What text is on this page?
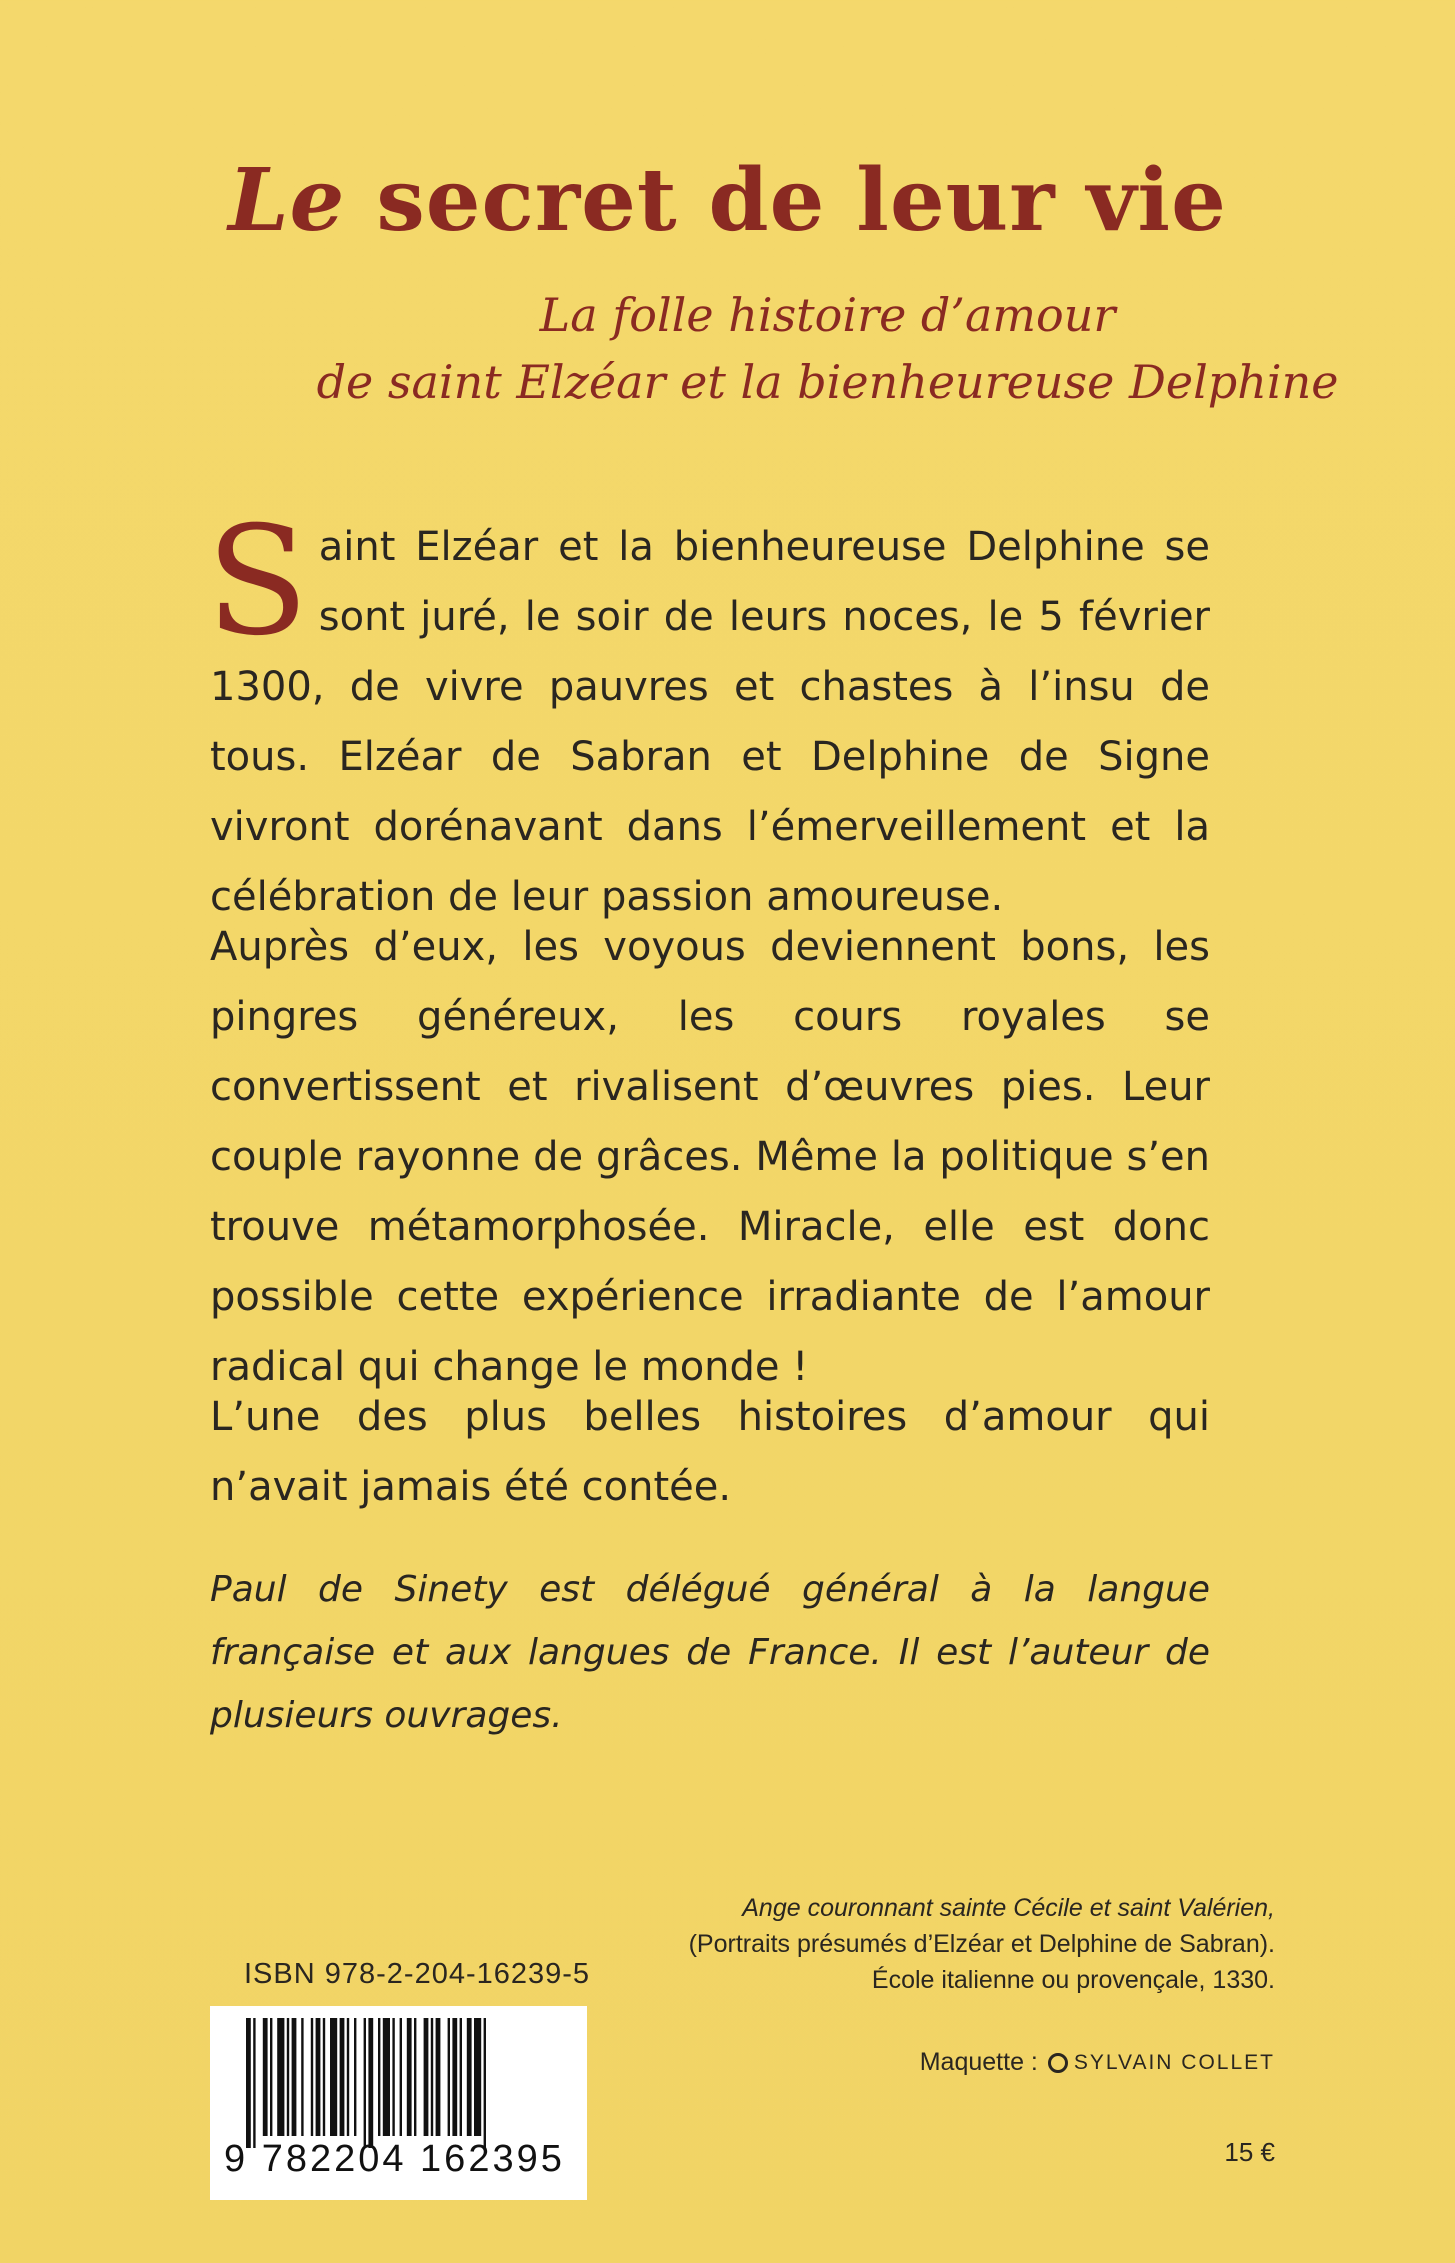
Le secret de leur vie
La folle histoire d’amour
de saint Elzéar et la bienheureuse Delphine
Saint Elzéar et la bienheureuse Delphine se sont juré, le soir de leurs noces, le 5 février 1300, de vivre pauvres et chastes à l’insu de tous. Elzéar de Sabran et Delphine de Signe vivront dorénavant dans l’émerveillement et la célébration de leur passion amoureuse.
Auprès d’eux, les voyous deviennent bons, les pingres généreux, les cours royales se convertissent et rivalisent d’œuvres pies. Leur couple rayonne de grâces. Même la politique s’en trouve métamorphosée. Miracle, elle est donc possible cette expérience irradiante de l’amour radical qui change le monde !
L’une des plus belles histoires d’amour qui n’avait jamais été contée.
Paul de Sinety est délégué général à la langue française et aux langues de France. Il est l’auteur de plusieurs ouvrages.
Ange couronnant sainte Cécile et saint Valérien,
(Portraits présumés d’Elzéar et Delphine de Sabran).
École italienne ou provençale, 1330.
ISBN 978-2-204-16239-5
9 782204 162395
Maquette : SYLVAIN COLLET
15 €
